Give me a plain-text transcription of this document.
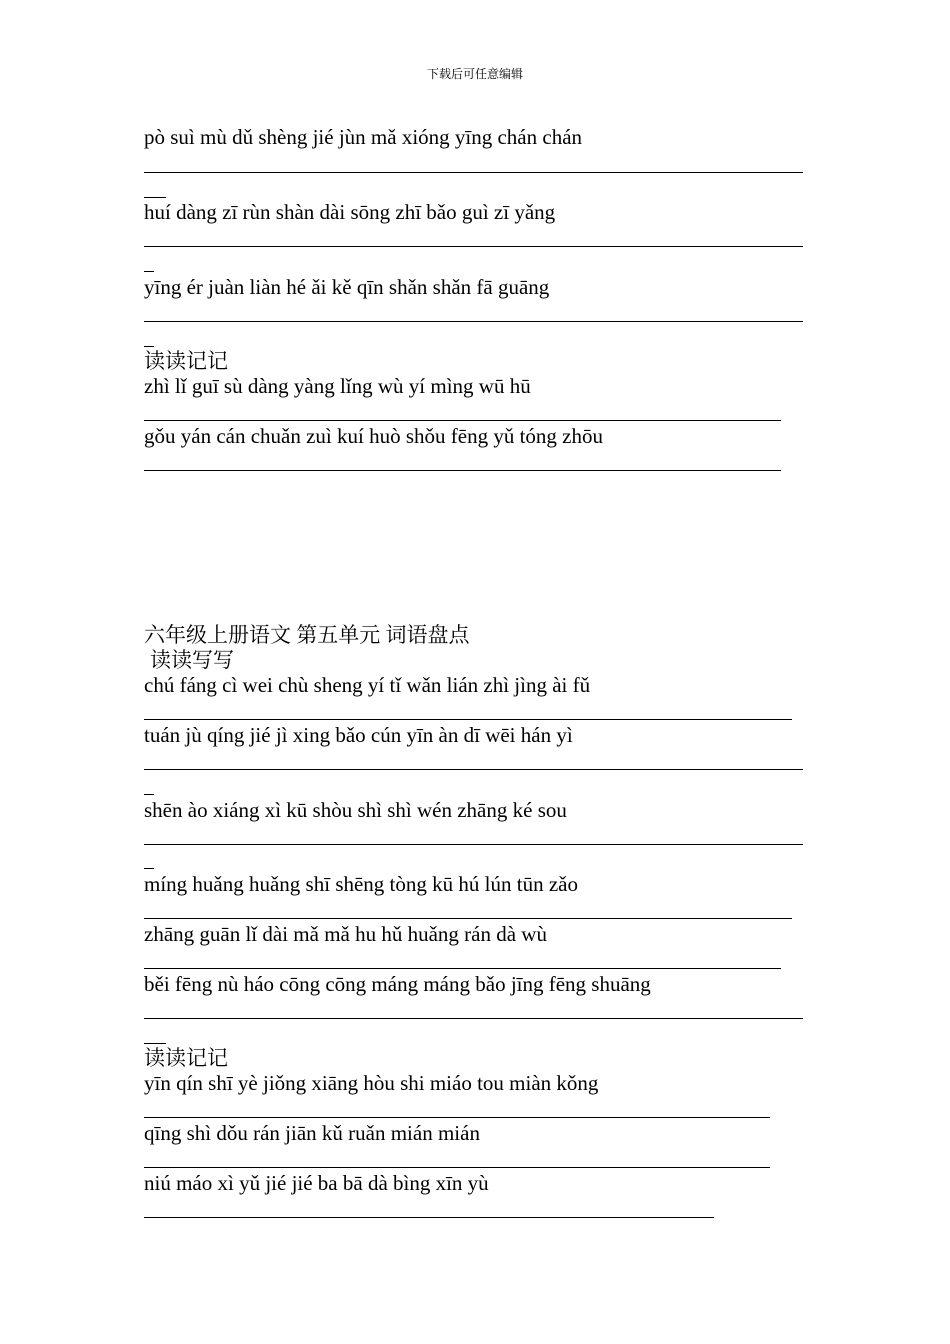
下载后可任意编辑
pò suì mù dǔ shèng jié jùn mǎ xióng yīng chán chán
huí dàng zī rùn shàn dài sōng zhī bǎo guì zī yǎng
yīng ér juàn liàn hé ǎi kě qīn shǎn shǎn fā guāng
读读记记
zhì lǐ guī sù dàng yàng lǐng wù yí mìng wū hū
gǒu yán cán chuǎn zuì kuí huò shǒu fēng yǔ tóng zhōu
六年级上册语文 第五单元 词语盘点
读读写写
chú fáng cì wei chù sheng yí tǐ wǎn lián zhì jìng ài fǔ
tuán jù qíng jié jì xing bǎo cún yīn àn dī wēi hán yì
shēn ào xiáng xì kū shòu shì shì wén zhāng ké sou
míng huǎng huǎng shī shēng tòng kū hú lún tūn zǎo
zhāng guān lǐ dài mǎ mǎ hu hǔ huǎng rán dà wù
běi fēng nù háo cōng cōng máng máng bǎo jīng fēng shuāng
读读记记
yīn qín shī yè jiǒng xiāng hòu shi miáo tou miàn kǒng
qīng shì dǒu rán jiān kǔ ruǎn mián mián
niú máo xì yǔ jié jié ba bā dà bìng xīn yù
